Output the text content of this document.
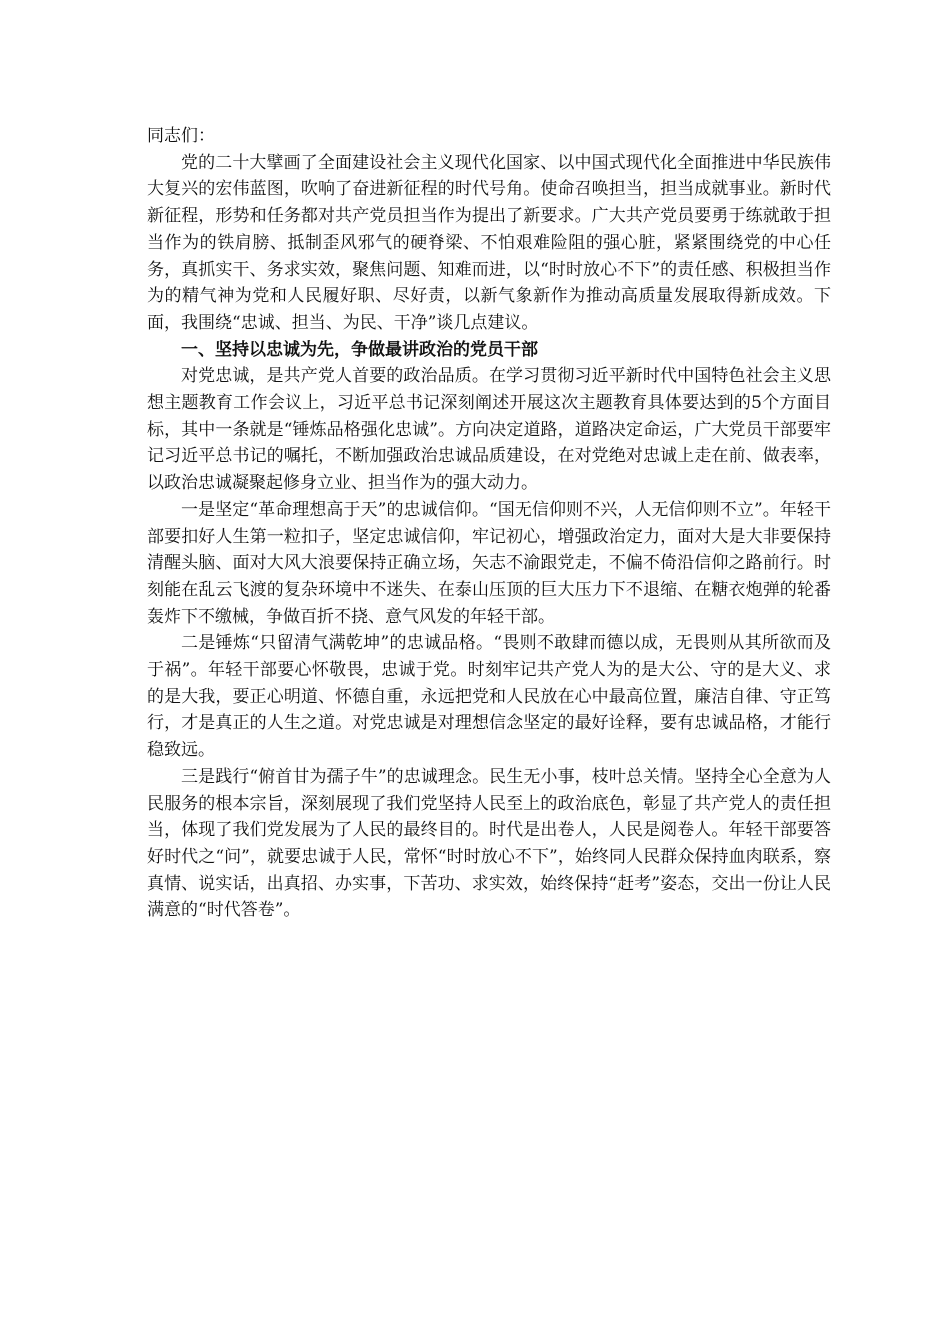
同志们：

党的二十大擘画了全面建设社会主义现代化国家、以中国式现代化全面推进中华民族伟大复兴的宏伟蓝图，吹响了奋进新征程的时代号角。使命召唤担当，担当成就事业。新时代新征程，形势和任务都对共产党员担当作为提出了新要求。广大共产党员要勇于练就敢于担当作为的铁肩膀、抵制歪风邪气的硬脊梁、不怕艰难险阻的强心脏，紧紧围绕党的中心任务，真抓实干、务求实效，聚焦问题、知难而进，以“时时放心不下”的责任感、积极担当作为的精气神为党和人民履好职、尽好责，以新气象新作为推动高质量发展取得新成效。下面，我围绕“忠诚、担当、为民、干净”谈几点建议。

一、坚持以忠诚为先，争做最讲政治的党员干部

对党忠诚，是共产党人首要的政治品质。在学习贯彻习近平新时代中国特色社会主义思想主题教育工作会议上，习近平总书记深刻阐述开展这次主题教育具体要达到的5个方面目标，其中一条就是“锤炼品格强化忠诚”。方向决定道路，道路决定命运，广大党员干部要牢记习近平总书记的嘱托，不断加强政治忠诚品质建设，在对党绝对忠诚上走在前、做表率，以政治忠诚凝聚起修身立业、担当作为的强大动力。

一是坚定“革命理想高于天”的忠诚信仰。“国无信仰则不兴，人无信仰则不立”。年轻干部要扣好人生第一粒扣子，坚定忠诚信仰，牢记初心，增强政治定力，面对大是大非要保持清醒头脑、面对大风大浪要保持正确立场，矢志不渝跟党走，不偏不倚沿信仰之路前行。时刻能在乱云飞渡的复杂环境中不迷失、在泰山压顶的巨大压力下不退缩、在糖衣炮弹的轮番轰炸下不缴械，争做百折不挠、意气风发的年轻干部。

二是锤炼“只留清气满乾坤”的忠诚品格。“畏则不敢肆而德以成，无畏则从其所欲而及于祸”。年轻干部要心怀敬畏，忠诚于党。时刻牢记共产党人为的是大公、守的是大义、求的是大我，要正心明道、怀德自重，永远把党和人民放在心中最高位置，廉洁自律、守正笃行，才是真正的人生之道。对党忠诚是对理想信念坚定的最好诠释，要有忠诚品格，才能行稳致远。

三是践行“俯首甘为孺子牛”的忠诚理念。民生无小事，枝叶总关情。坚持全心全意为人民服务的根本宗旨，深刻展现了我们党坚持人民至上的政治底色，彰显了共产党人的责任担当，体现了我们党发展为了人民的最终目的。时代是出卷人，人民是阅卷人。年轻干部要答好时代之“问”，就要忠诚于人民，常怀“时时放心不下”，始终同人民群众保持血肉联系，察真情、说实话，出真招、办实事，下苦功、求实效，始终保持“赶考”姿态，交出一份让人民满意的“时代答卷”。
